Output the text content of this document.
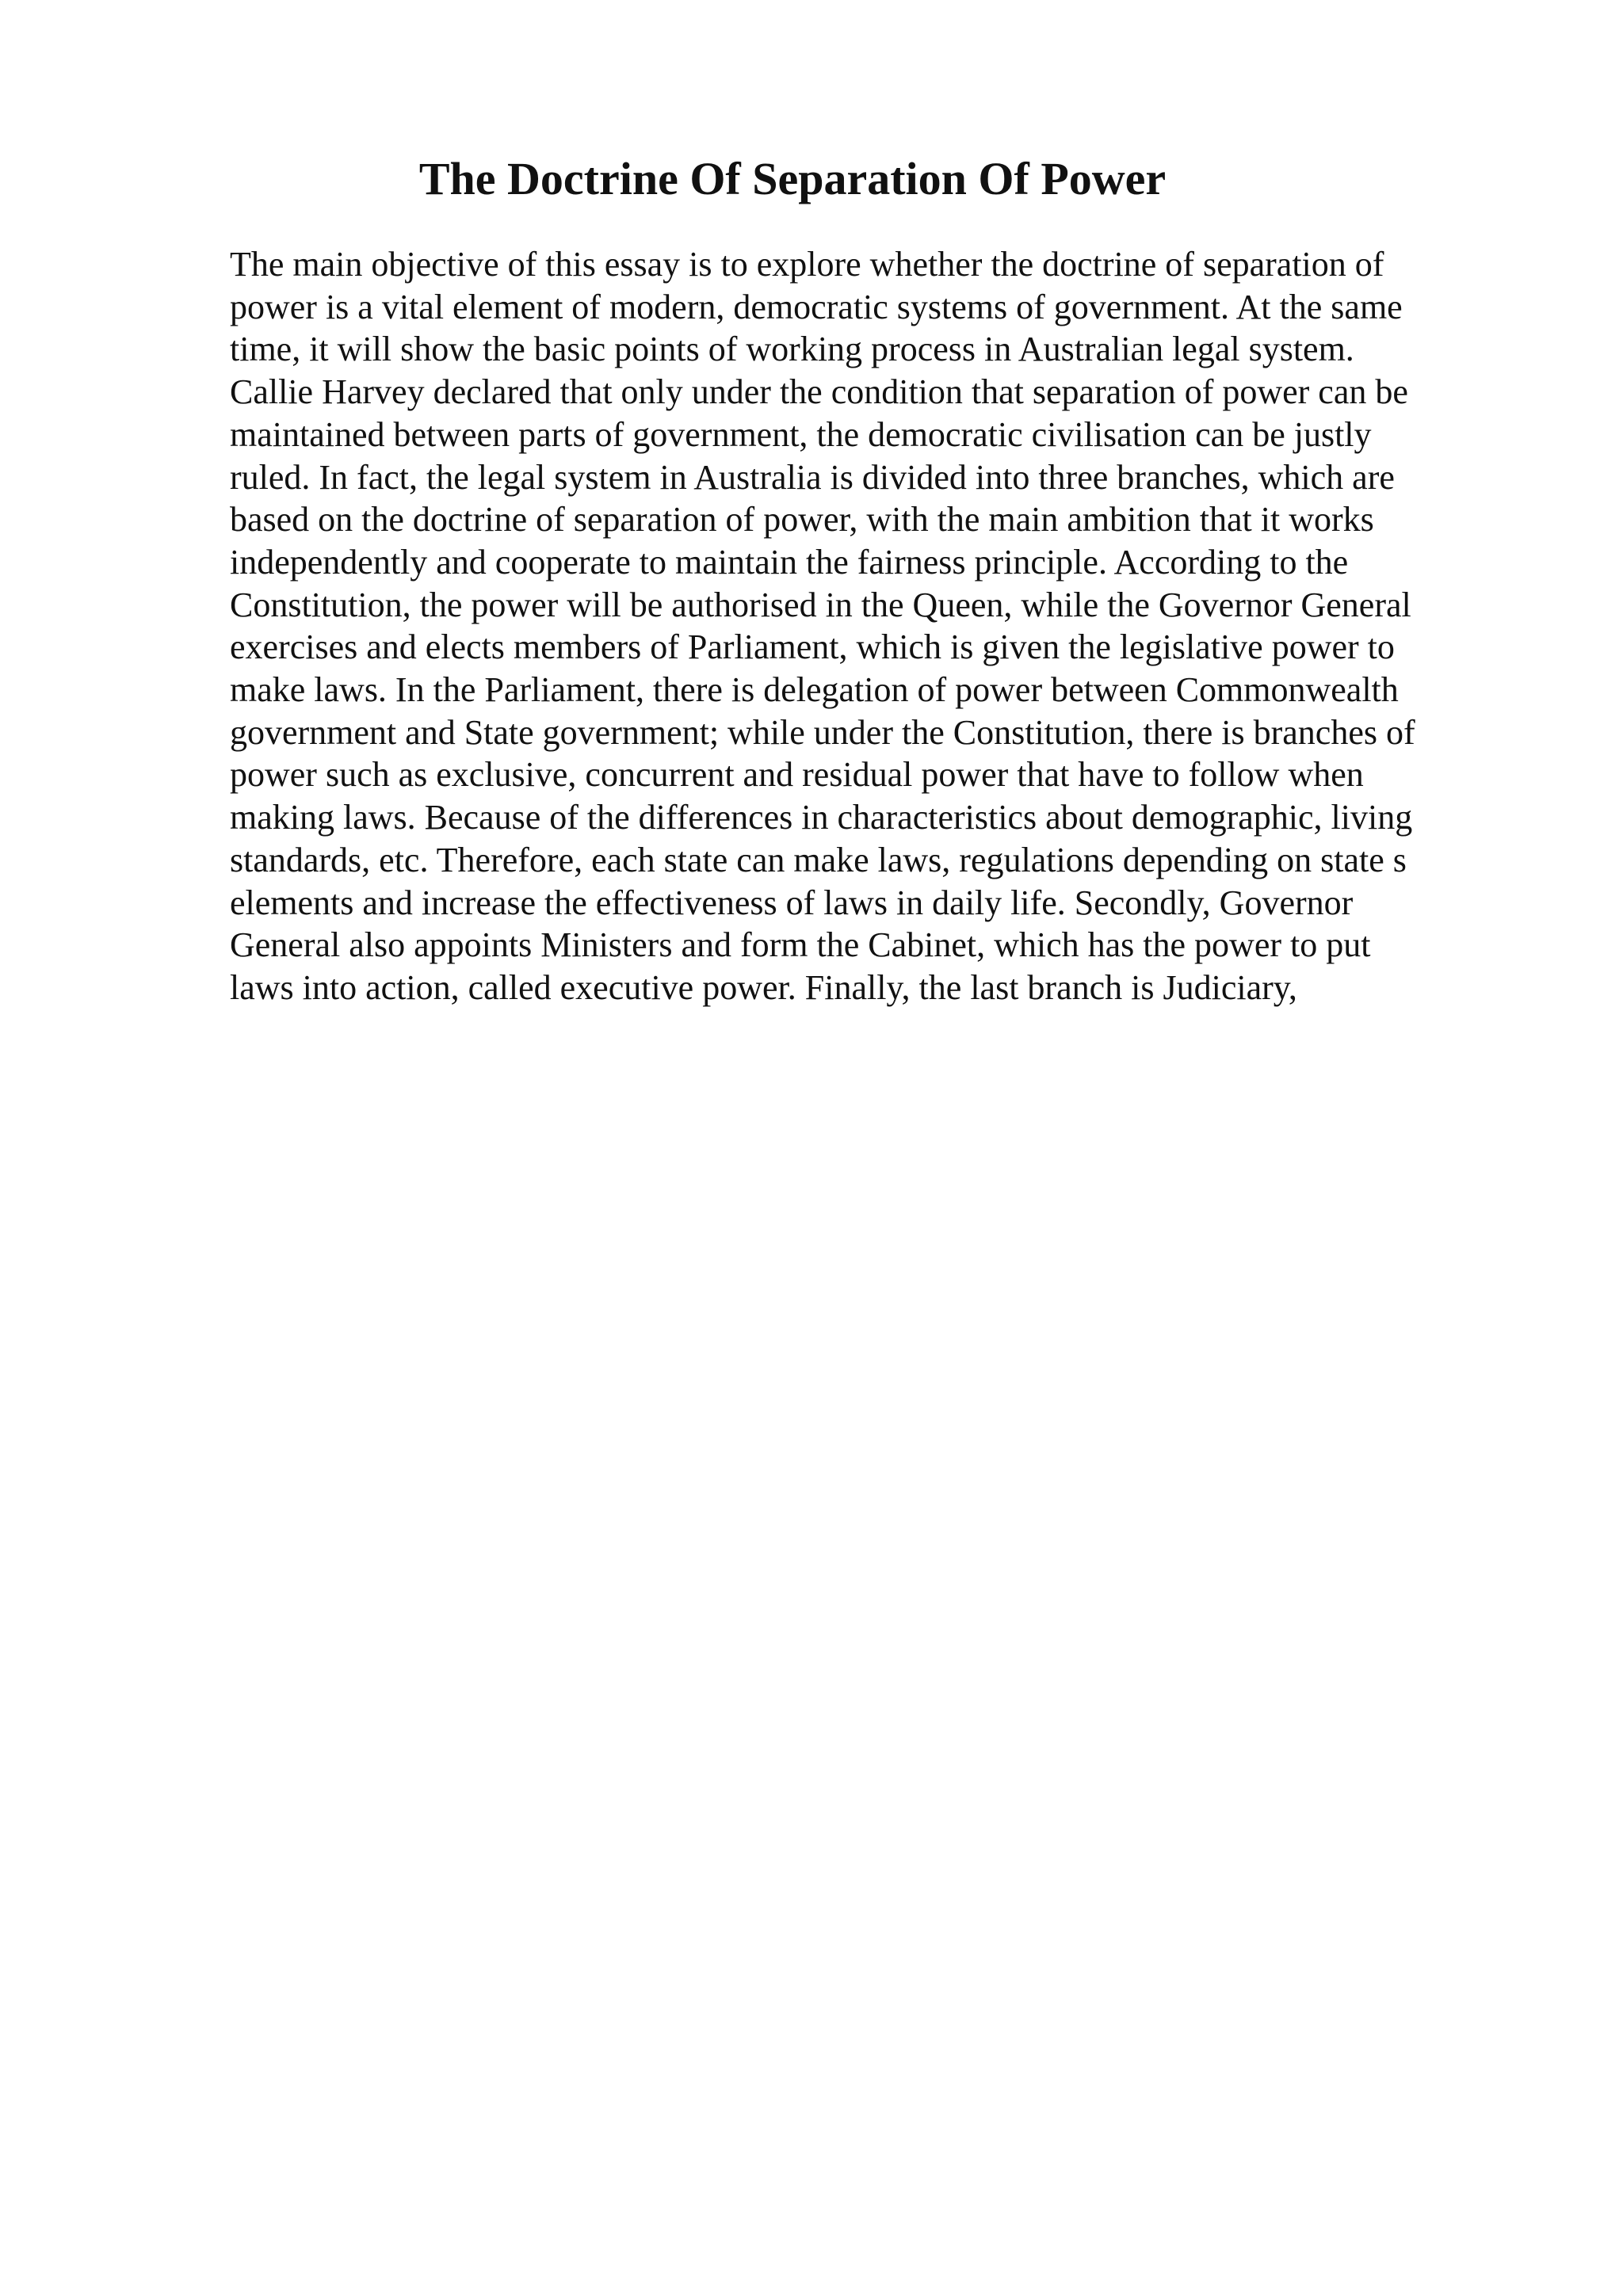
The Doctrine Of Separation Of Power
The main objective of this essay is to explore whether the doctrine of separation of
power is a vital element of modern, democratic systems of government. At the same
time, it will show the basic points of working process in Australian legal system.
Callie Harvey declared that only under the condition that separation of power can be
maintained between parts of government, the democratic civilisation can be justly
ruled. In fact, the legal system in Australia is divided into three branches, which are
based on the doctrine of separation of power, with the main ambition that it works
independently and cooperate to maintain the fairness principle. According to the
Constitution, the power will be authorised in the Queen, while the Governor General
exercises and elects members of Parliament, which is given the legislative power to
make laws. In the Parliament, there is delegation of power between Commonwealth
government and State government; while under the Constitution, there is branches of
power such as exclusive, concurrent and residual power that have to follow when
making laws. Because of the differences in characteristics about demographic, living
standards, etc. Therefore, each state can make laws, regulations depending on state s
elements and increase the effectiveness of laws in daily life. Secondly, Governor
General also appoints Ministers and form the Cabinet, which has the power to put
laws into action, called executive power. Finally, the last branch is Judiciary,
